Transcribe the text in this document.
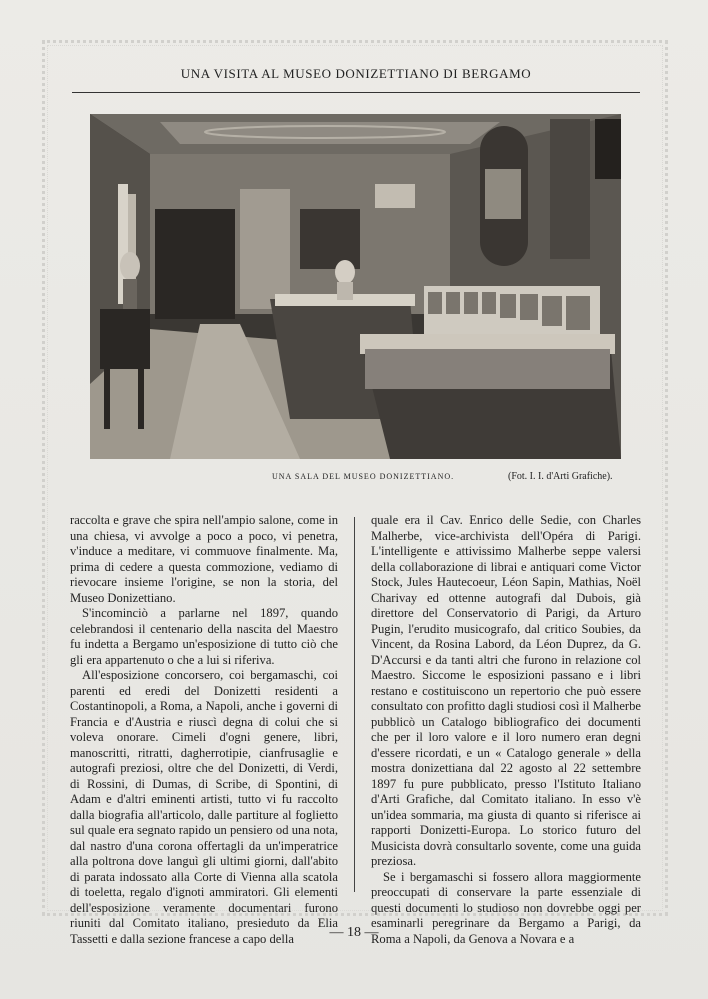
UNA VISITA AL MUSEO DONIZETTIANO DI BERGAMO
UNA SALA DEL MUSEO DONIZETTIANO.	(Fot. I. I. d'Arti Grafiche).

raccolta e grave che spira nell'ampio salone, come in una chiesa, vi avvolge a poco a poco, vi penetra, v'induce a meditare, vi commuove finalmente. Ma, prima di cedere a questa commozione, vediamo di rievocare insieme l'origine, se non la storia, del Museo Donizettiano.

S'incominciò a parlarne nel 1897, quando celebrandosi il centenario della nascita del Maestro fu indetta a Bergamo un'esposizione di tutto ciò che gli era appartenuto o che a lui si riferiva.

All'esposizione concorsero, coi bergamaschi, coi parenti ed eredi del Donizetti residenti a Costantinopoli, a Roma, a Napoli, anche i governi di Francia e d'Austria e riuscì degna di colui che si voleva onorare. Cimeli d'ogni genere, libri, manoscritti, ritratti, dagherrotipie, cianfrusaglie e autografi preziosi, oltre che del Donizetti, di Verdi, di Rossini, di Dumas, di Scribe, di Spontini, di Adam e d'altri eminenti artisti, tutto vi fu raccolto dalla biografia all'articolo, dalle partiture al foglietto sul quale era segnato rapido un pensiero od una nota, dal nastro d'una corona offertagli da un'imperatrice alla poltrona dove languì gli ultimi giorni, dall'abito di parata indossato alla Corte di Vienna alla scatola di toeletta, regalo d'ignoti ammiratori. Gli elementi dell'esposizione veramente documentari furono riuniti dal Comitato italiano, presieduto da Elia Tassetti e dalla sezione francese a capo della

quale era il Cav. Enrico delle Sedie, con Charles Malherbe, vice-archivista dell'Opéra di Parigi. L'intelligente e attivissimo Malherbe seppe valersi della collaborazione di librai e antiquari come Victor Stock, Jules Hautecoeur, Léon Sapin, Mathias, Noël Charivay ed ottenne autografi dal Dubois, già direttore del Conservatorio di Parigi, da Arturo Pugin, l'erudito musicografo, dal critico Soubies, da Vincent, da Rosina Labord, da Léon Duprez, da G. D'Accursi e da tanti altri che furono in relazione col Maestro. Siccome le esposizioni passano e i libri restano e costituiscono un repertorio che può essere consultato con profitto dagli studiosi così il Malherbe pubblicò un Catalogo bibliografico dei documenti che per il loro valore e il loro numero eran degni d'essere ricordati, e un « Catalogo generale » della mostra donizettiana dal 22 agosto al 22 settembre 1897 fu pure pubblicato, presso l'Istituto Italiano d'Arti Grafiche, dal Comitato italiano. In esso v'è un'idea sommaria, ma giusta di quanto si riferisce ai rapporti Donizetti-Europa. Lo storico futuro del Musicista dovrà consultarlo sovente, come una guida preziosa.

Se i bergamaschi si fossero allora maggiormente preoccupati di conservare la parte essenziale di questi documenti lo studioso non dovrebbe oggi per esaminarli peregrinare da Bergamo a Parigi, da Roma a Napoli, da Genova a Novara e a

— 18 —
